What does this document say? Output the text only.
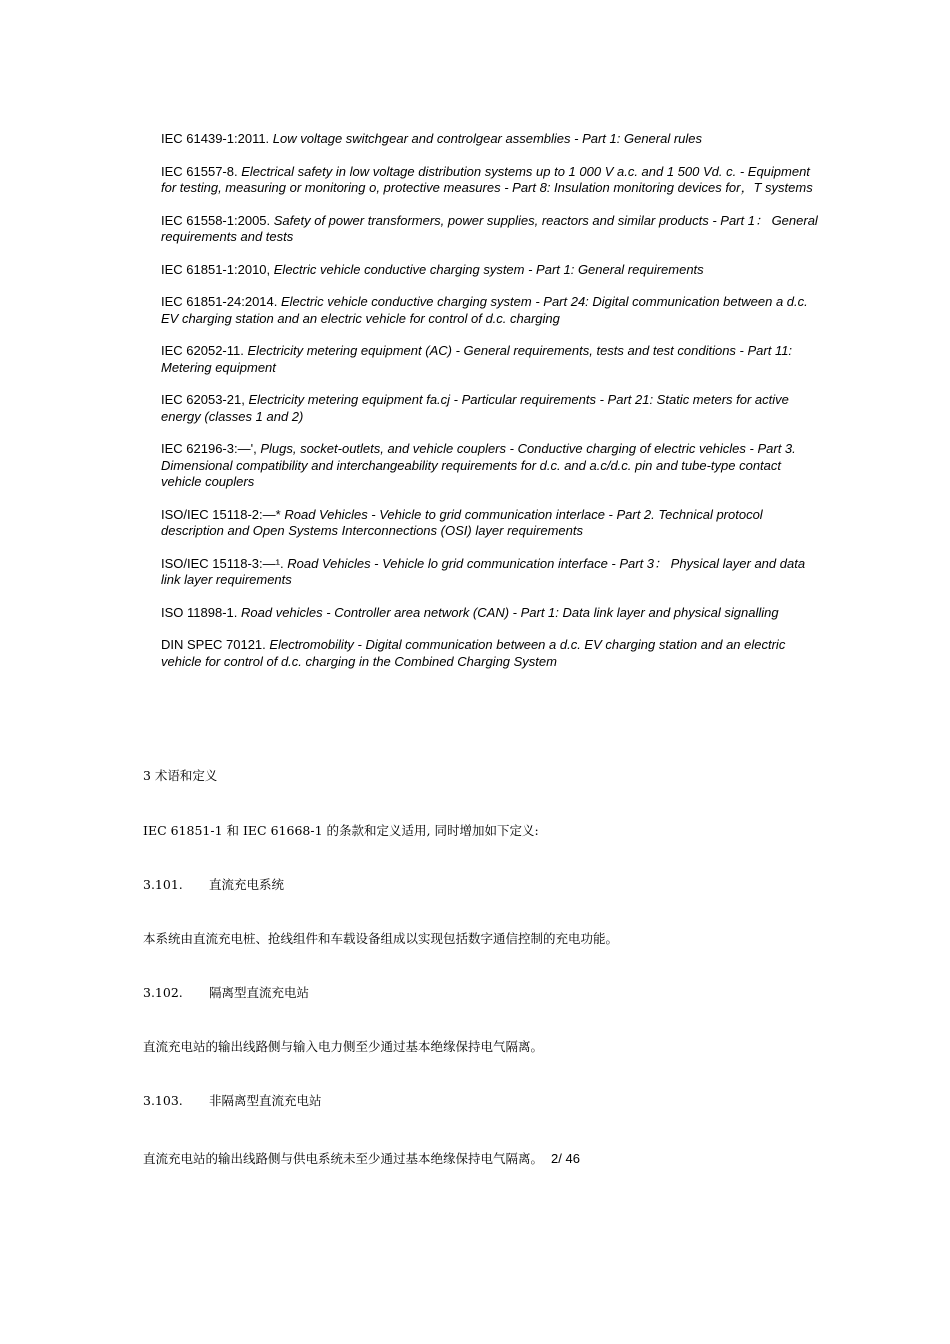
IEC 61439-1:2011. Low voltage switchgear and controlgear assemblies - Part 1: General rules

IEC 61557-8. Electrical safety in low voltage distribution systems up to 1 000 V a.c. and 1 500 Vd. c. - Equipment for testing, measuring or monitoring o, protective measures - Part 8: Insulation monitoring devices for，T systems

IEC 61558-1:2005. Safety of power transformers, power supplies, reactors and similar products - Part 1： General requirements and tests

IEC 61851-1:2010, Electric vehicle conductive charging system - Part 1: General requirements

IEC 61851-24:2014. Electric vehicle conductive charging system - Part 24: Digital communication between a d.c. EV charging station and an electric vehicle for control of d.c. charging

IEC 62052-11. Electricity metering equipment (AC) - General requirements, tests and test conditions - Part 11: Metering equipment

IEC 62053-21, Electricity metering equipment fa.cj - Particular requirements - Part 21: Static meters for active energy (classes 1 and 2)

IEC 62196-3:—', Plugs, socket-outlets, and vehicle couplers - Conductive charging of electric vehicles - Part 3. Dimensional compatibility and interchangeability requirements for d.c. and a.c/d.c. pin and tube-type contact vehicle couplers

ISO/IEC 15118-2:—* Road Vehicles - Vehicle to grid communication interlace - Part 2. Technical protocol description and Open Systems Interconnections (OSI) layer requirements

ISO/IEC 15118-3:—¹. Road Vehicles - Vehicle lo grid communication interface - Part 3： Physical layer and data link layer requirements

ISO 11898-1. Road vehicles - Controller area network (CAN) - Part 1: Data link layer and physical signalling

DIN SPEC 70121. Electromobility - Digital communication between a d.c. EV charging station and an electric vehicle for control of d.c. charging in the Combined Charging System

3 术语和定义
IEC 61851-1 和 IEC 61668-1 的条款和定义适用, 同时增加如下定义:
3.101. 直流充电系统
本系统由直流充电桩、抢线组件和车载设备组成以实现包括数字通信控制的充电功能。
3.102. 隔离型直流充电站
直流充电站的输出线路侧与输入电力侧至少通过基本绝缘保持电气隔离。
3.103. 非隔离型直流充电站
直流充电站的输出线路侧与供电系统未至少通过基本绝缘保持电气隔离。 2/ 46
